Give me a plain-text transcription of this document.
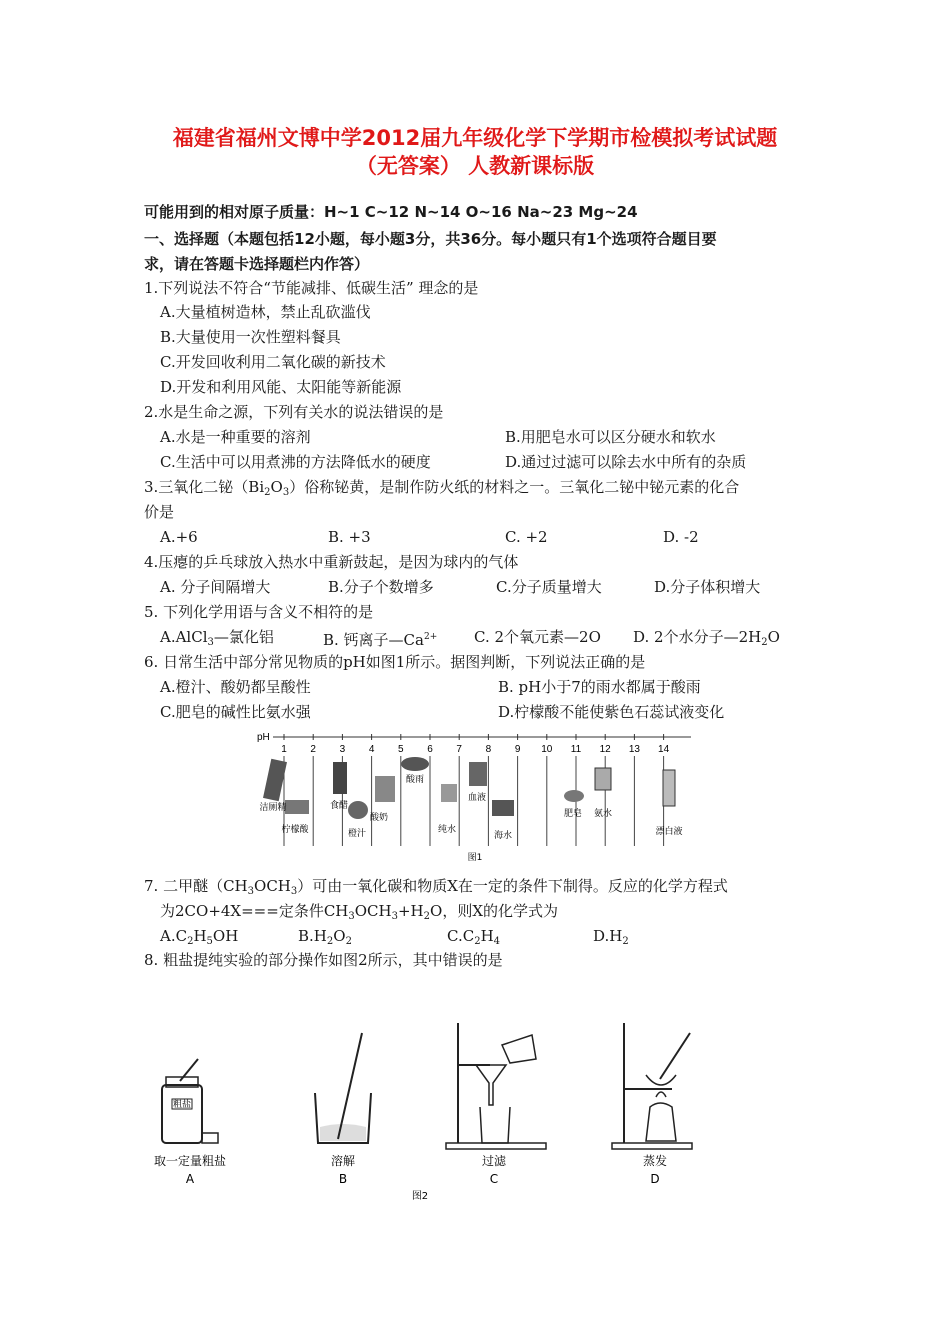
福建省福州文博中学2012届九年级化学下学期市检模拟考试试题
（无答案） 人教新课标版
可能用到的相对原子质量：H~1 C~12 N~14 O~16 Na~23 Mg~24
一、选择题（本题包括12小题，每小题3分，共36分。每小题只有1个选项符合题目要
求，请在答题卡选择题栏内作答）
1.下列说法不符合“节能减排、低碳生活” 理念的是
A.大量植树造林，禁止乱砍滥伐
B.大量使用一次性塑料餐具
C.开发回收利用二氧化碳的新技术
D.开发和利用风能、太阳能等新能源
2.水是生命之源，下列有关水的说法错误的是
A.水是一种重要的溶剂	B.用肥皂水可以区分硬水和软水
C.生活中可以用煮沸的方法降低水的硬度	D.通过过滤可以除去水中所有的杂质
3.三氧化二铋$(Bi_2O_3)$俗称铋黄，是制作防火纸的材料之一。三氧化二铋中铋元素的化合
价是
A.+6	B. +3	C. +2	D. -2
4.压瘪的乒乓球放入热水中重新鼓起，是因为球内的气体
A. 分子间隔增大	B.分子个数增多	C.分子质量增大	D.分子体积增大
5. 下列化学用语与含义不相符的是
A.AlCl$_3$—氯化铝	B. 钙离子$—Ca^{2+}$ C. 2个氧元素—2O D. 2个水分子$—2H_2O$
6. 日常生活中部分常见物质的pH如图1所示。据图判断，下列说法正确的是
A.橙汁、酸奶都呈酸性	B. pH小于7的雨水都属于酸雨
C.肥皂的碱性比氨水强	D.柠檬酸不能使紫色石蕊试液变化
pH
1 2 3 4 5 6 7 8 9 10 11 12 13 14
洁厕精
柠檬酸
食醋
橙汁
酸奶
酸雨
纯水
血液
海水
肥皂 氨水
漂白液
图1
7. 二甲醚$(CH_3OCH_3)$可由一氧化碳和物质X在一定的条件下制得。反应的化学方程式
为2CO+4X===定条件$CH_3OCH_3+H_2O$，则X的化学式为
$A.C_2H_5OH$	$B.H_2O_2$	$C.C_2H_4$	$D.H_2$
8. 粗盐提纯实验的部分操作如图2所示，其中错误的是
粗盐
取一定量粗盐
A
溶解
B
过滤
C
蒸发
D
图2
